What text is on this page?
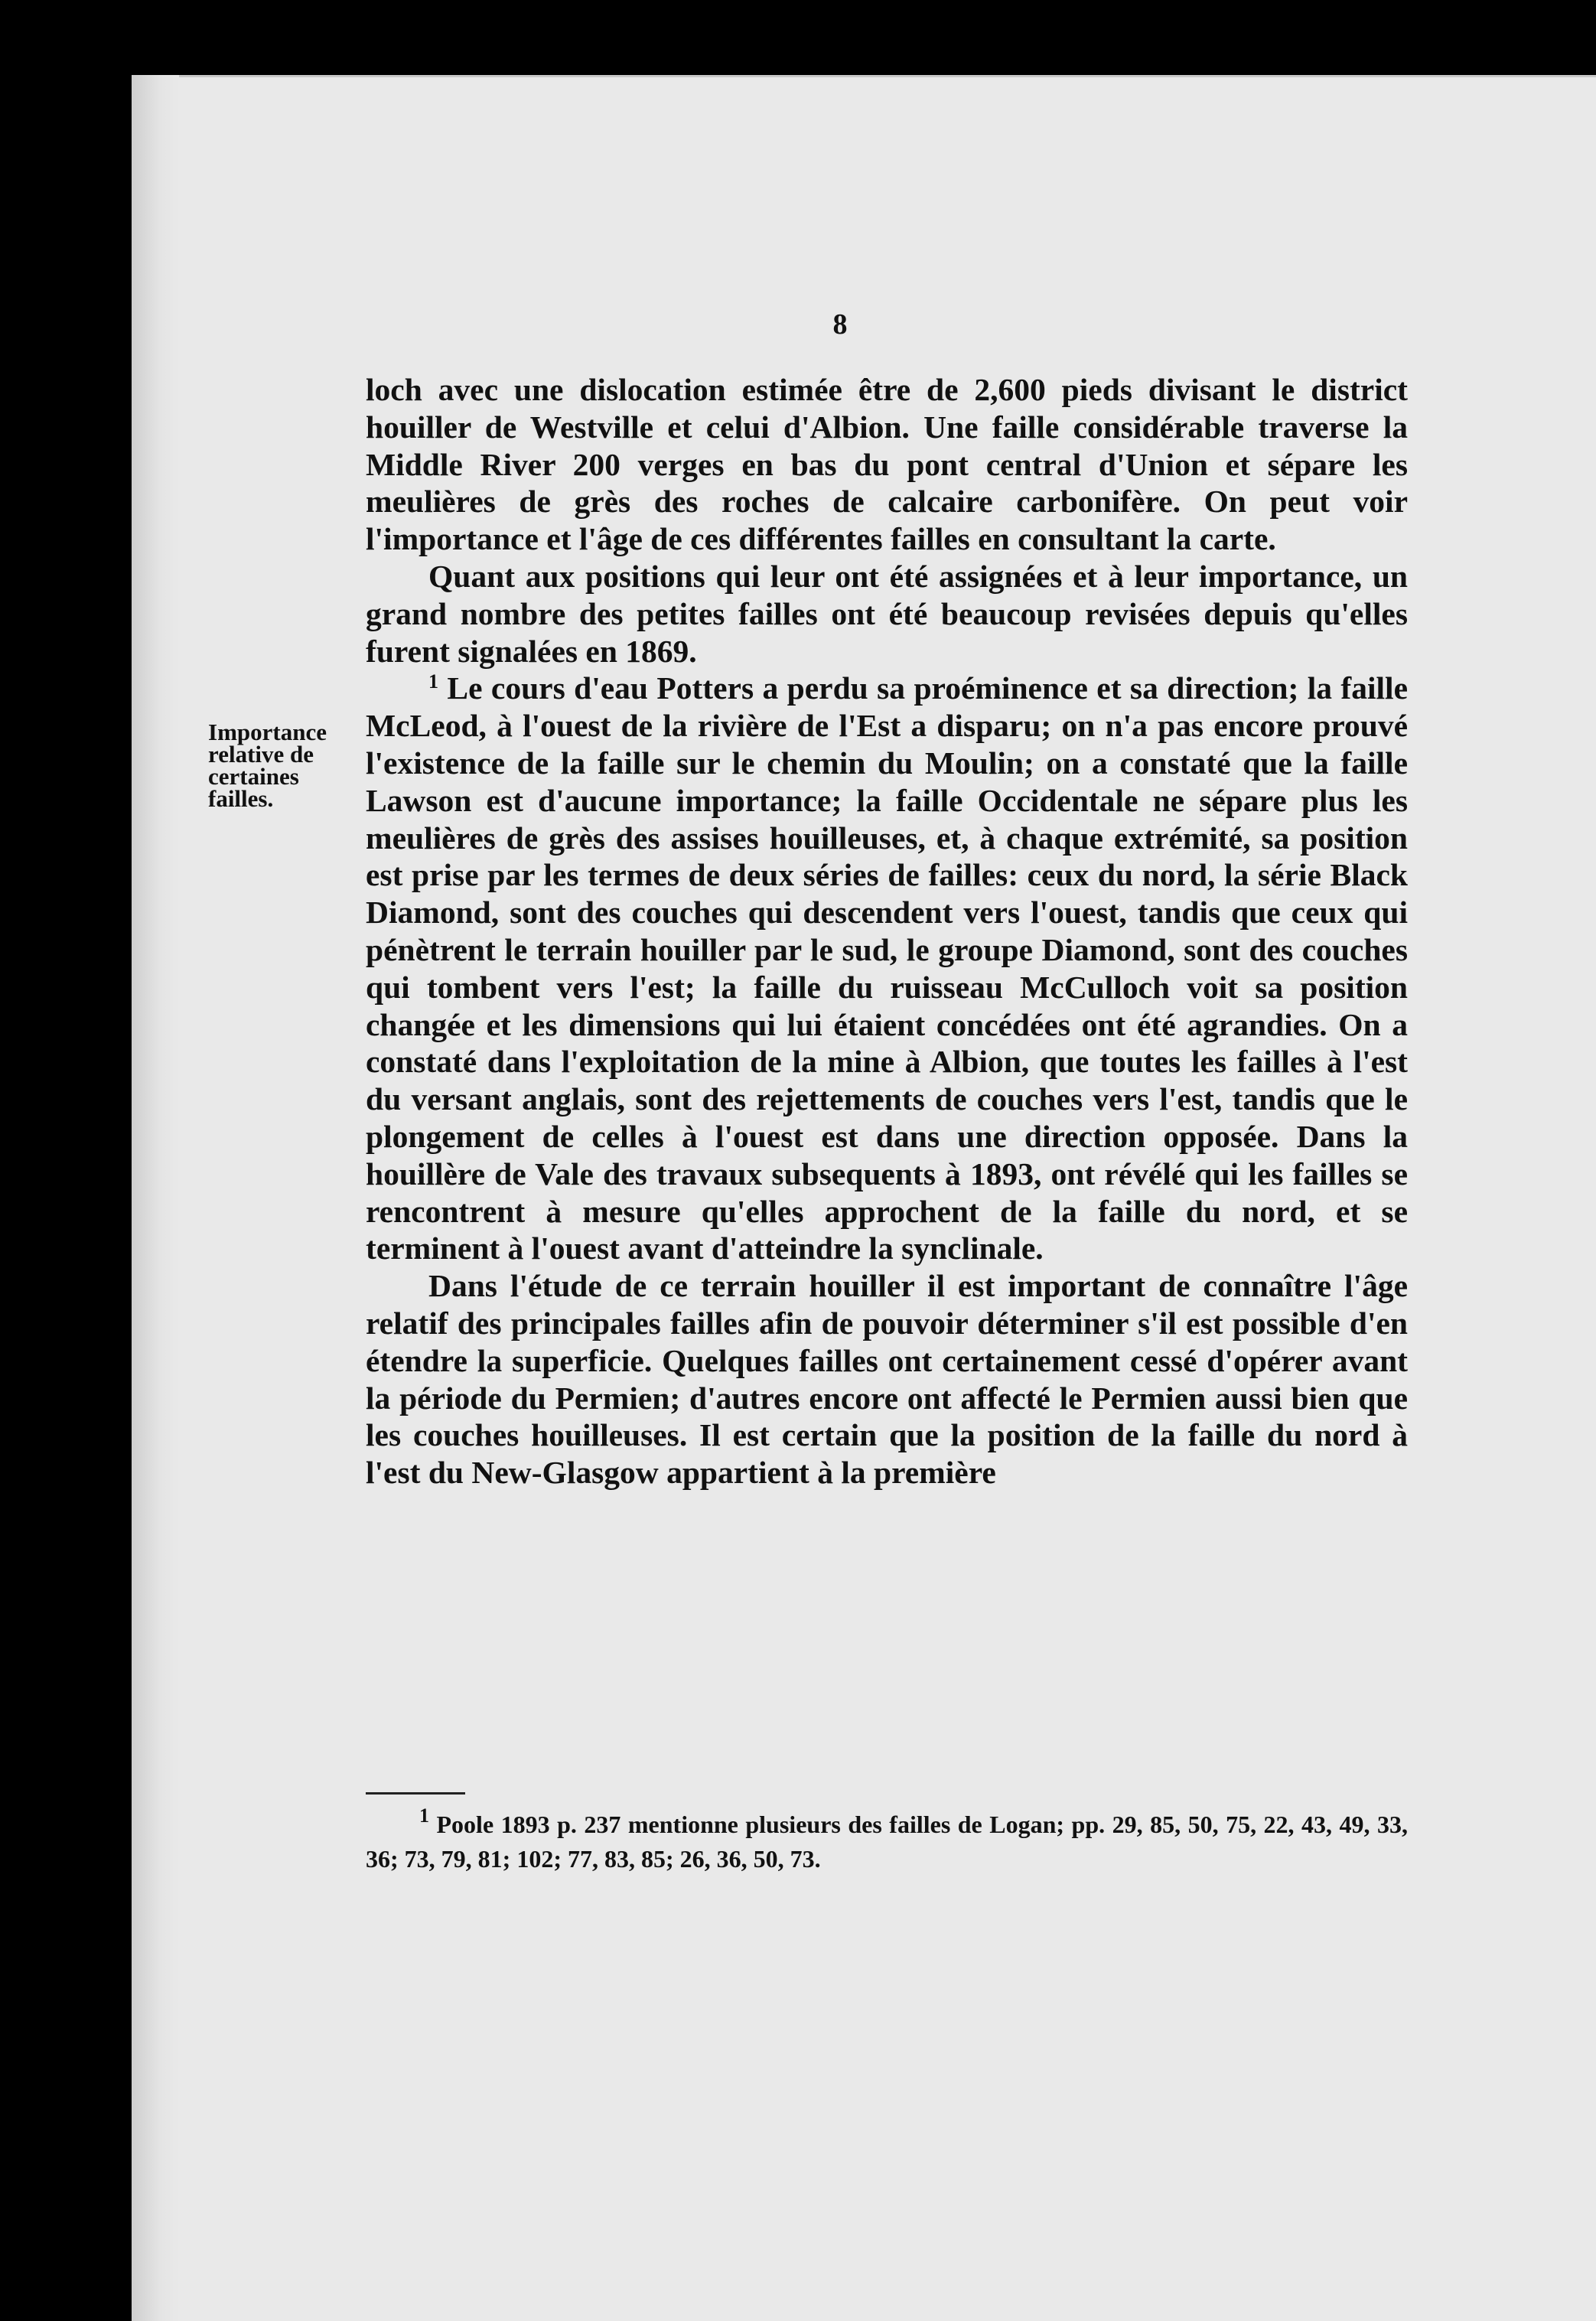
8
Importance relative de certaines failles.

loch avec une dislocation estimée être de 2,600 pieds divisant le district houiller de Westville et celui d'Albion. Une faille considérable traverse la Middle River 200 verges en bas du pont central d'Union et sépare les meulières de grès des roches de calcaire carbonifère. On peut voir l'importance et l'âge de ces différentes failles en consultant la carte.

Quant aux positions qui leur ont été assignées et à leur importance, un grand nombre des petites failles ont été beaucoup revisées depuis qu'elles furent signalées en 1869.

$^1$ Le cours d'eau Potters a perdu sa proéminence et sa direction; la faille McLeod, à l'ouest de la rivière de l'Est a disparu; on n'a pas encore prouvé l'existence de la faille sur le chemin du Moulin; on a constaté que la faille Lawson est d'aucune importance; la faille Occidentale ne sépare plus les meulières de grès des assises houilleuses, et, à chaque extrémité, sa position est prise par les termes de deux séries de failles: ceux du nord, la série Black Diamond, sont des couches qui descendent vers l'ouest, tandis que ceux qui pénètrent le terrain houiller par le sud, le groupe Diamond, sont des couches qui tombent vers l'est; la faille du ruisseau McCulloch voit sa position changée et les dimensions qui lui étaient concédées ont été agrandies. On a constaté dans l'exploitation de la mine à Albion, que toutes les failles à l'est du versant anglais, sont des rejettements de couches vers l'est, tandis que le plongement de celles à l'ouest est dans une direction opposée. Dans la houillère de Vale des travaux subsequents à 1893, ont révélé qui les failles se rencontrent à mesure qu'elles approchent de la faille du nord, et se terminent à l'ouest avant d'atteindre la synclinale.

Dans l'étude de ce terrain houiller il est important de connaître l'âge relatif des principales failles afin de pouvoir déterminer s'il est possible d'en étendre la superficie. Quelques failles ont certainement cessé d'opérer avant la période du Permien; d'autres encore ont affecté le Permien aussi bien que les couches houilleuses. Il est certain que la position de la faille du nord à l'est du New-Glasgow appartient à la première

$^1$ Poole 1893 p. 237 mentionne plusieurs des failles de Logan; pp. 29, 85, 50, 75, 22, 43, 49, 33, 36; 73, 79, 81; 102; 77, 83, 85; 26, 36, 50, 73.
